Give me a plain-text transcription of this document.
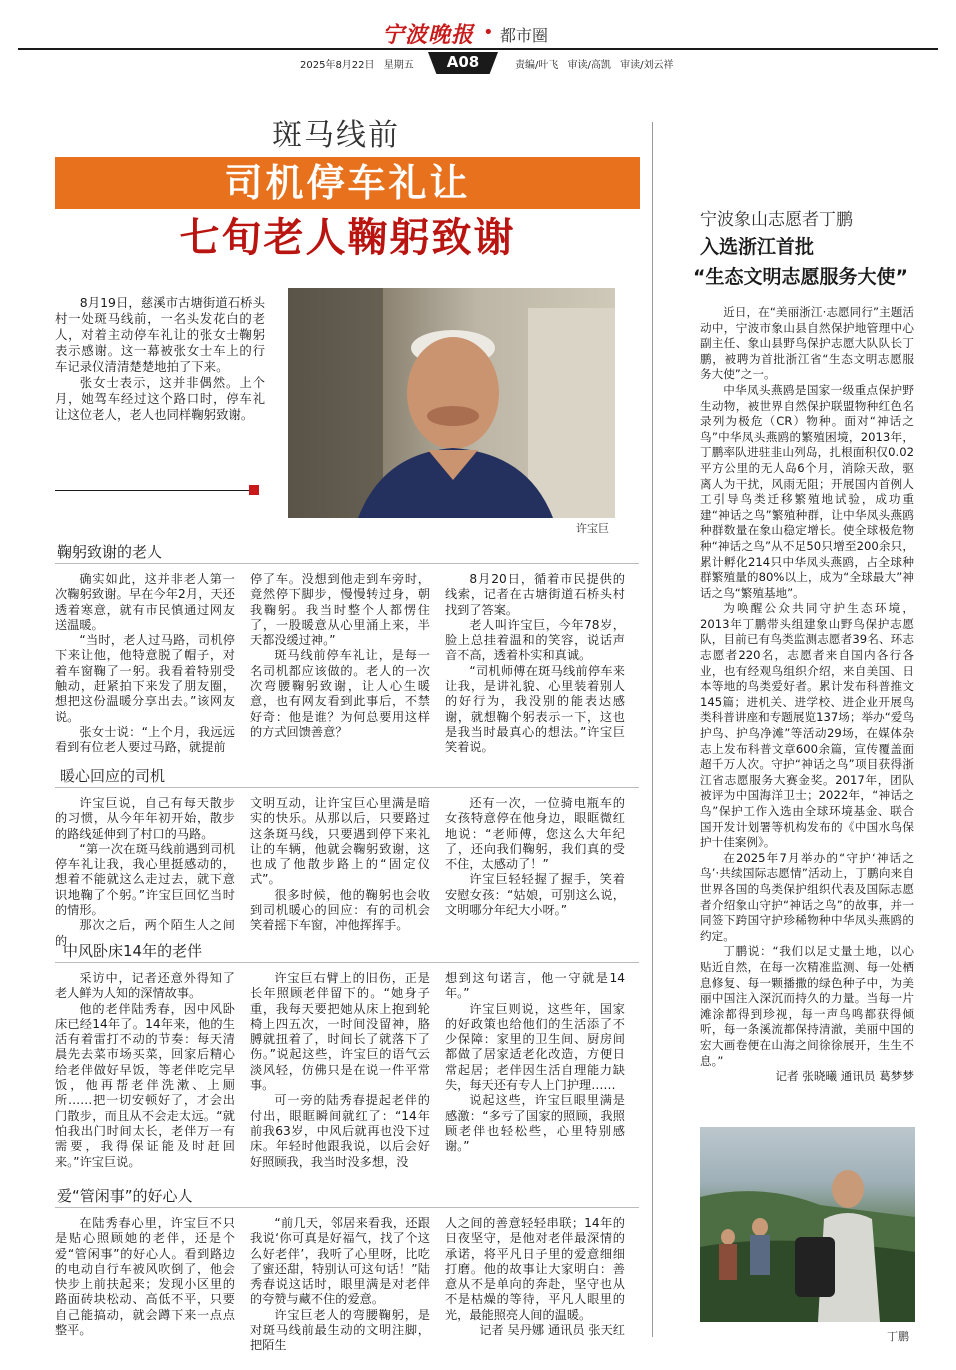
宁波晚报 • 都市圈
2025年8月22日 星期五	A08	责编/叶飞 审读/高凯 审读/刘云祥
斑马线前
司机停车礼让
七旬老人鞠躬致谢

8月19日，慈溪市古塘街道石桥头村一处斑马线前，一名头发花白的老人，对着主动停车礼让的张女士鞠躬表示感谢。这一幕被张女士车上的行车记录仪清清楚楚地拍了下来。

张女士表示，这并非偶然。上个月，她驾车经过这个路口时，停车礼让这位老人，老人也同样鞠躬致谢。

许宝巨
鞠躬致谢的老人

确实如此，这并非老人第一次鞠躬致谢。早在今年2月，天还透着寒意，就有市民慎通过网友送温暖。

“当时，老人过马路，司机停下来让他，他特意脱了帽子，对着车窗鞠了一躬。我看着特别受触动，赶紧拍下来发了朋友圈，想把这份温暖分享出去。”该网友说。

张女士说：“上个月，我远远看到有位老人要过马路，就提前

停了车。没想到他走到车旁时，竟然停下脚步，慢慢转过身，朝我鞠躬。我当时整个人都愣住了，一股暖意从心里涌上来，半天都没缓过神。”

斑马线前停车礼让，是每一名司机都应该做的。老人的一次次弯腰鞠躬致谢，让人心生暖意，也有网友看到此事后，不禁好奇：他是谁？为何总要用这样的方式回馈善意？

8月20日，循着市民提供的线索，记者在古塘街道石桥头村找到了答案。

老人叫许宝巨，今年78岁，脸上总挂着温和的笑容，说话声音不高，透着朴实和真诚。

“司机师傅在斑马线前停车来让我，是讲礼貌、心里装着别人的好行为，我没别的能表达感谢，就想鞠个躬表示一下，这也是我当时最真心的想法。”许宝巨笑着说。

暖心回应的司机

许宝巨说，自己有每天散步的习惯，从今年年初开始，散步的路线延伸到了村口的马路。

“第一次在斑马线前遇到司机停车礼让我，我心里挺感动的，想着不能就这么走过去，就下意识地鞠了个躬。”许宝巨回忆当时的情形。

那次之后，两个陌生人之间的

文明互动，让许宝巨心里满是暗实的快乐。从那以后，只要路过这条斑马线，只要遇到停下来礼让的车辆，他就会鞠躬致谢，这也成了他散步路上的“固定仪式”。

很多时候，他的鞠躬也会收到司机暖心的回应：有的司机会笑着摇下车窗，冲他挥挥手。

还有一次，一位骑电瓶车的女孩特意停在他身边，眼眶微红地说：“老师傅，您这么大年纪了，还向我们鞠躬，我们真的受不住，太感动了！”

许宝巨轻轻握了握手，笑着安慰女孩：“姑娘，可别这么说，文明哪分年纪大小呀。”

中风卧床14年的老伴

采访中，记者还意外得知了老人鲜为人知的深情故事。

他的老伴陆秀春，因中风卧床已经14年了。14年来，他的生活有着雷打不动的节奏：每天清晨先去菜市场买菜，回家后精心给老伴做好早饭，等老伴吃完早饭，他再帮老伴洗漱、上厕所……把一切安顿好了，才会出门散步，而且从不会走太远。“就怕我出门时间太长，老伴万一有需要，我得保证能及时赶回来。”许宝巨说。

许宝巨右臂上的旧伤，正是长年照顾老伴留下的。“她身子重，我每天要把她从床上抱到轮椅上四五次，一时间没留神，胳膊就扭着了，时间长了就落下了伤。”说起这些，许宝巨的语气云淡风轻，仿佛只是在说一件平常事。

可一旁的陆秀春提起老伴的付出，眼眶瞬间就红了：“14年前我63岁，中风后就再也没下过床。年轻时他跟我说，以后会好好照顾我，我当时没多想，没

想到这句诺言，他一守就是14年。”

许宝巨则说，这些年，国家的好政策也给他们的生活添了不少保障：家里的卫生间、厨房间都做了居家适老化改造，方便日常起居；老伴因生活自理能力缺失，每天还有专人上门护理……

说起这些，许宝巨眼里满是感激：“多亏了国家的照顾，我照顾老伴也轻松些，心里特别感谢。”

爱“管闲事”的好心人

在陆秀春心里，许宝巨不只是贴心照顾她的老伴，还是个爱“管闲事”的好心人。看到路边的电动自行车被风吹倒了，他会快步上前扶起来；发现小区里的路面砖块松动、高低不平，只要自己能搞动，就会蹲下来一点点整平。

“前几天，邻居来看我，还跟我说‘你可真是好福气，找了个这么好老伴’，我听了心里呀，比吃了蜜还甜，特别认可这句话！”陆秀春说这话时，眼里满是对老伴的夸赞与藏不住的爱意。

许宝巨老人的弯腰鞠躬，是对斑马线前最生动的文明注脚，把陌生

人之间的善意轻轻串联；14年的日夜坚守，是他对老伴最深情的承诺，将平凡日子里的爱意细细打磨。他的故事让大家明白：善意从不是单向的奔赴，坚守也从不是枯燥的等待，平凡人眼里的光，最能照亮人间的温暖。

记者 吴丹娜 通讯员 张天红

宁波象山志愿者丁鹏
入选浙江首批
“生态文明志愿服务大使”

近日，在“美丽浙江·志愿同行”主题活动中，宁波市象山县自然保护地管理中心副主任、象山县野鸟保护志愿大队队长丁鹏，被聘为首批浙江省“生态文明志愿服务大使”之一。

中华凤头燕鸥是国家一级重点保护野生动物，被世界自然保护联盟物种红色名录列为极危（CR）物种。面对“神话之鸟”中华凤头燕鸥的繁殖困境，2013年，丁鹏率队进驻韭山列岛，扎根面积仅0.02平方公里的无人岛6个月，消除天敌，驱离人为干扰，风雨无阻；开展国内首例人工引导鸟类迁移繁殖地试验，成功重建“神话之鸟”繁殖种群，让中华凤头燕鸥种群数量在象山稳定增长。使全球极危物种“神话之鸟”从不足50只增至200余只，累计孵化214只中华凤头燕鸥，占全球种群繁殖量的80%以上，成为“全球最大”神话之鸟“繁殖基地”。

为唤醒公众共同守护生态环境，2013年丁鹏带头组建象山野鸟保护志愿队，目前已有鸟类监测志愿者39名、环志志愿者220名，志愿者来自国内各行各业，也有经观鸟组织介绍，来自美国、日本等地的鸟类爱好者。累计发布科普推文145篇；进机关、进学校、进企业开展鸟类科普讲座和专题展览137场；举办“爱鸟护鸟、护鸟净滩”等活动29场，在媒体杂志上发布科普文章600余篇，宣传覆盖面超千万人次。守护“神话之鸟”项目获得浙江省志愿服务大赛金奖。2017年，团队被评为中国海洋卫士；2022年，“神话之鸟”保护工作入选由全球环境基金、联合国开发计划署等机构发布的《中国水鸟保护十佳案例》。

在2025年7月举办的“守护‘神话之鸟’·共续国际志愿情”活动上，丁鹏向来自世界各国的鸟类保护组织代表及国际志愿者介绍象山守护“神话之鸟”的故事，并一同签下跨国守护珍稀物种中华凤头燕鸥的约定。

丁鹏说：“我们以足丈量土地，以心贴近自然，在每一次精准监测、每一处栖息修复、每一颗播撒的绿色种子中，为美丽中国注入深沉而持久的力量。当每一片滩涂都得到珍视，每一声鸟鸣都获得倾听，每一条溪流都保持清澈，美丽中国的宏大画卷便在山海之间徐徐展开，生生不息。”

记者 张晓曦 通讯员 葛梦梦

丁鹏
